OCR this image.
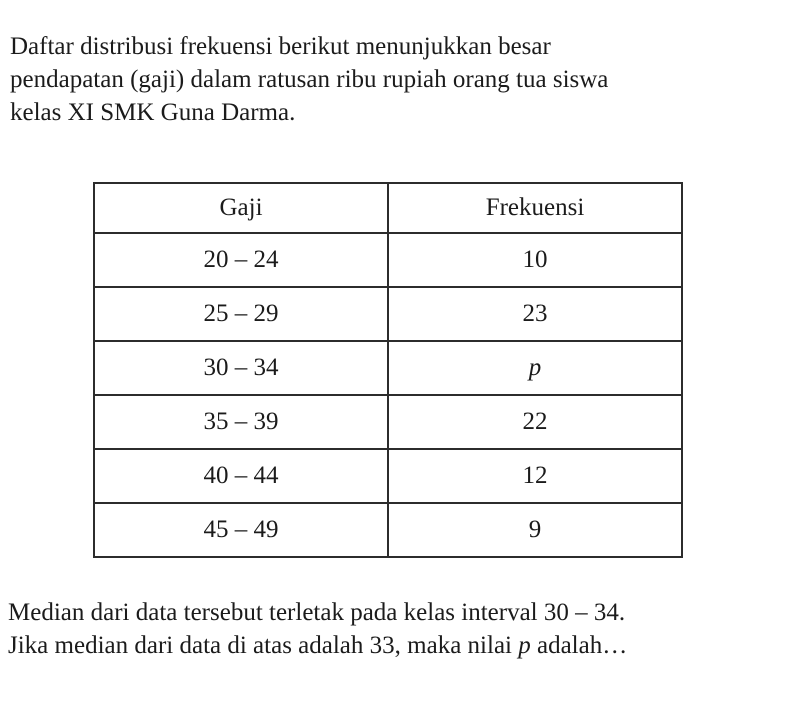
Daftar distribusi frekuensi berikut menunjukkan besar
pendapatan (gaji) dalam ratusan ribu rupiah orang tua siswa
kelas XI SMK Guna Darma.
Gaji	Frekuensi
20 – 24	10
25 – 29	23
30 – 34	p
35 – 39	22
40 – 44	12
45 – 49	9
Median dari data tersebut terletak pada kelas interval 30 – 34.
Jika median dari data di atas adalah 33, maka nilai p adalah…
